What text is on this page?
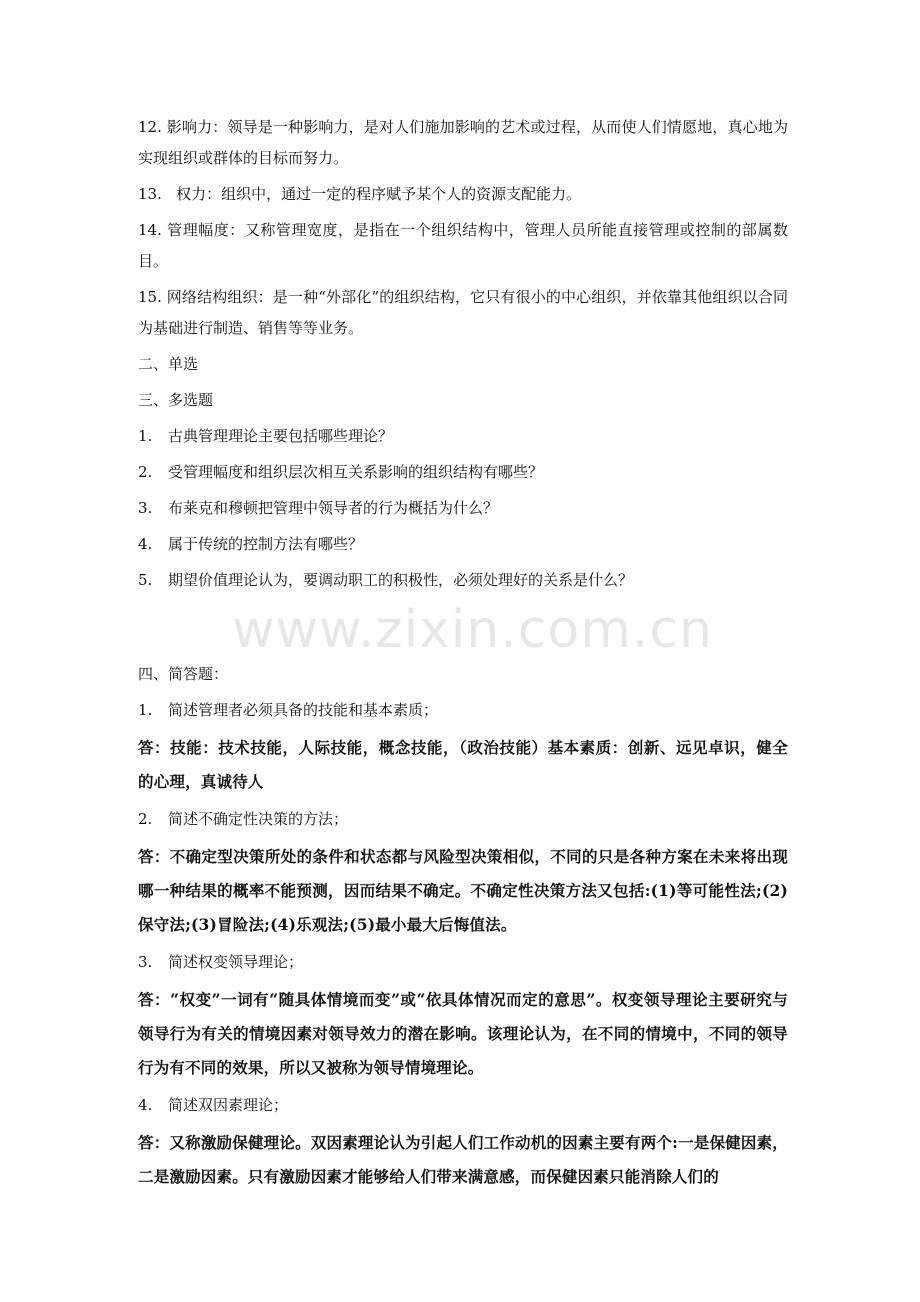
www.zixin.com.cn

12. 影响力：领导是一种影响力，是对人们施加影响的艺术或过程，从而使人们情愿地，真心地为实现组织或群体的目标而努力。

13.   权力：组织中，通过一定的程序赋予某个人的资源支配能力。

14. 管理幅度：又称管理宽度，是指在一个组织结构中，管理人员所能直接管理或控制的部属数目。

15. 网络结构组织：是一种“外部化”的组织结构，它只有很小的中心组织，并依靠其他组织以合同为基础进行制造、销售等等业务。

二、单选

三、多选题

1. 古典管理理论主要包括哪些理论？

2. 受管理幅度和组织层次相互关系影响的组织结构有哪些？

3. 布莱克和穆顿把管理中领导者的行为概括为什么？

4. 属于传统的控制方法有哪些？

5. 期望价值理论认为，要调动职工的积极性，必须处理好的关系是什么？

四、简答题：

1. 简述管理者必须具备的技能和基本素质；

答：技能：技术技能，人际技能，概念技能，（政治技能）基本素质：创新、远见卓识，健全的心理，真诚待人

2. 简述不确定性决策的方法；

答：不确定型决策所处的条件和状态都与风险型决策相似，不同的只是各种方案在未来将出现哪一种结果的概率不能预测，因而结果不确定。不确定性决策方法又包括:(1)等可能性法;(2)保守法;(3)冒险法;(4)乐观法;(5)最小最大后悔值法。

3. 简述权变领导理论；

答：“权变”一词有“随具体情境而变”或“依具体情况而定的意思”。权变领导理论主要研究与领导行为有关的情境因素对领导效力的潜在影响。该理论认为，在不同的情境中，不同的领导行为有不同的效果，所以又被称为领导情境理论。

4. 简述双因素理论；

答：又称激励保健理论。双因素理论认为引起人们工作动机的因素主要有两个:一是保健因素，二是激励因素。只有激励因素才能够给人们带来满意感，而保健因素只能消除人们的
